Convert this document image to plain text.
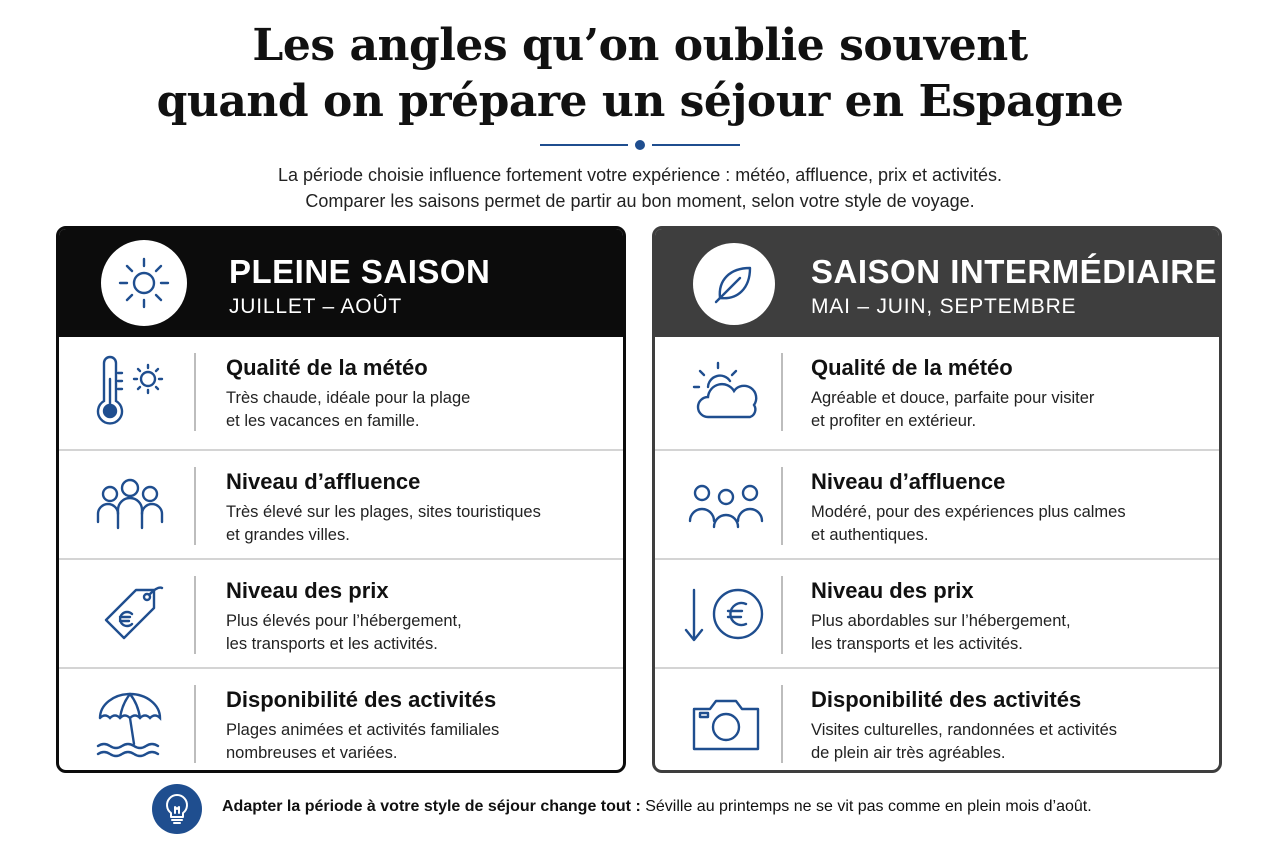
Les angles qu’on oublie souvent
quand on prépare un séjour en Espagne
La période choisie influence fortement votre expérience : météo, affluence, prix et activités.
Comparer les saisons permet de partir au bon moment, selon votre style de voyage.
PLEINE SAISON
JUILLET – AOÛT
Qualité de la météo
Très chaude, idéale pour la plage
et les vacances en famille.
Niveau d’affluence
Très élevé sur les plages, sites touristiques
et grandes villes.
Niveau des prix
Plus élevés pour l’hébergement,
les transports et les activités.
Disponibilité des activités
Plages animées et activités familiales
nombreuses et variées.
SAISON INTERMÉDIAIRE
MAI – JUIN, SEPTEMBRE
Qualité de la météo
Agréable et douce, parfaite pour visiter
et profiter en extérieur.
Niveau d’affluence
Modéré, pour des expériences plus calmes
et authentiques.
Niveau des prix
Plus abordables sur l’hébergement,
les transports et les activités.
Disponibilité des activités
Visites culturelles, randonnées et activités
de plein air très agréables.
Adapter la période à votre style de séjour change tout : Séville au printemps ne se vit pas comme en plein mois d’août.
